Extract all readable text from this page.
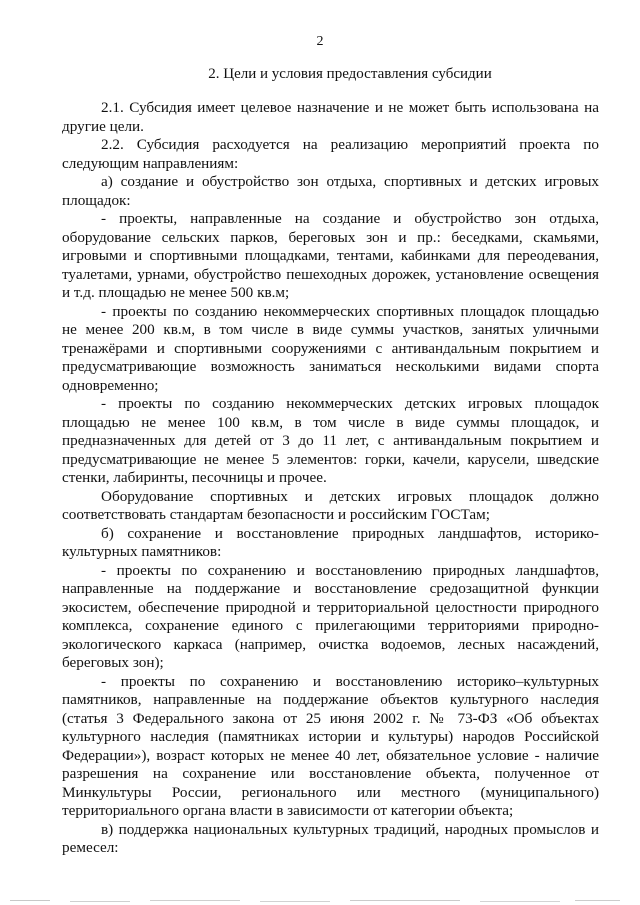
2
2. Цели и условия предоставления субсидии

2.1. Субсидия имеет целевое назначение и не может быть использована на другие цели.

2.2. Субсидия расходуется на реализацию мероприятий проекта по следующим направлениям:

а) создание и обустройство зон отдыха, спортивных и детских игровых площадок:

- проекты, направленные на создание и обустройство зон отдыха, оборудование сельских парков, береговых зон и пр.: беседками, скамьями, игровыми и спортивными площадками, тентами, кабинками для переодевания, туалетами, урнами, обустройство пешеходных дорожек, установление освещения и т.д. площадью не менее 500 кв.м;

- проекты по созданию некоммерческих спортивных площадок площадью не менее 200 кв.м, в том числе в виде суммы участков, занятых уличными тренажёрами и спортивными сооружениями с антивандальным покрытием и предусматривающие возможность заниматься несколькими видами спорта одновременно;

- проекты по созданию некоммерческих детских игровых площадок площадью не менее 100 кв.м, в том числе в виде суммы площадок, и предназначенных для детей от 3 до 11 лет, с антивандальным покрытием и предусматривающие не менее 5 элементов: горки, качели, карусели, шведские стенки, лабиринты, песочницы и прочее.

Оборудование спортивных и детских игровых площадок должно соответствовать стандартам безопасности и российским ГОСТам;

б) сохранение и восстановление природных ландшафтов, историко-культурных памятников:

- проекты по сохранению и восстановлению природных ландшафтов, направленные на поддержание и восстановление средозащитной функции экосистем, обеспечение природной и территориальной целостности природного комплекса, сохранение единого с прилегающими территориями природно-экологического каркаса (например, очистка водоемов, лесных насаждений, береговых зон);

- проекты по сохранению и восстановлению историко–культурных памятников, направленные на поддержание объектов культурного наследия (статья 3 Федерального закона от 25 июня 2002 г. № 73-ФЗ «Об объектах культурного наследия (памятниках истории и культуры) народов Российской Федерации»), возраст которых не менее 40 лет, обязательное условие - наличие разрешения на сохранение или восстановление объекта, полученное от Минкультуры России, регионального или местного (муниципального) территориального органа власти в зависимости от категории объекта;

в) поддержка национальных культурных традиций, народных промыслов и ремесел:
